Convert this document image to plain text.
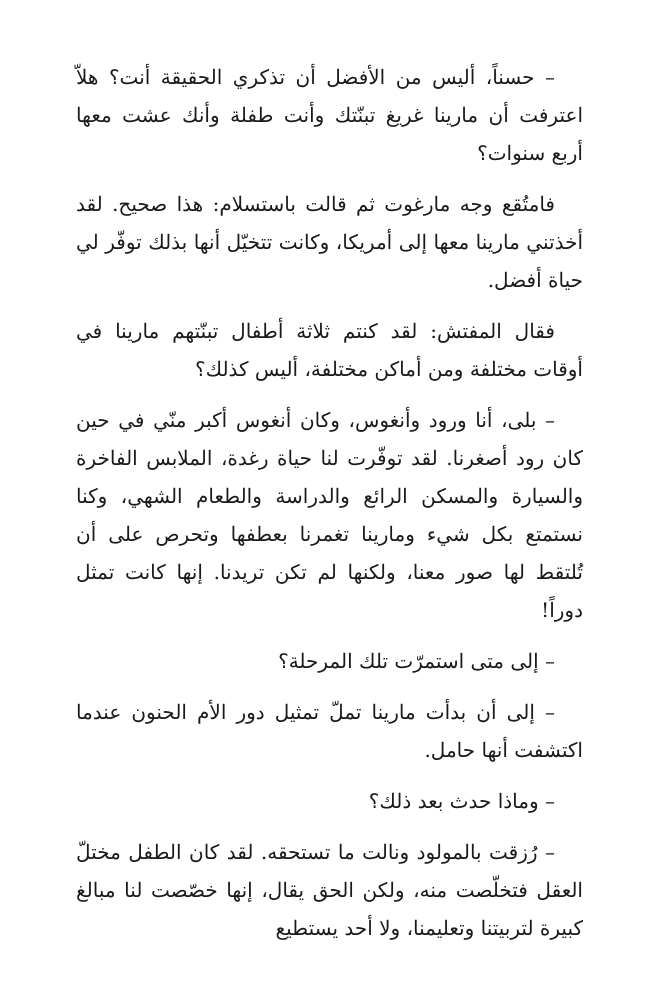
– حسناً، أليس من الأفضل أن تذكري الحقيقة أنت؟ هلاّ اعترفت أن مارينا غريغ تبنّتك وأنت طفلة وأنك عشت معها أربع سنوات؟

فامتُقع وجه مارغوت ثم قالت باستسلام: هذا صحيح. لقد أخذتني مارينا معها إلى أمريكا، وكانت تتخيّل أنها بذلك توفّر لي حياة أفضل.

فقال المفتش: لقد كنتم ثلاثة أطفال تبنّتهم مارينا في أوقات مختلفة ومن أماكن مختلفة، أليس كذلك؟

– بلى، أنا ورود وأنغوس، وكان أنغوس أكبر منّي في حين كان رود أصغرنا. لقد توفّرت لنا حياة رغدة، الملابس الفاخرة والسيارة والمسكن الرائع والدراسة والطعام الشهي، وكنا نستمتع بكل شيء ومارينا تغمرنا بعطفها وتحرص على أن تُلتقط لها صور معنا، ولكنها لم تكن تريدنا. إنها كانت تمثل دوراً!

– إلى متى استمرّت تلك المرحلة؟

– إلى أن بدأت مارينا تملّ تمثيل دور الأم الحنون عندما اكتشفت أنها حامل.

– وماذا حدث بعد ذلك؟

– رُزقت بالمولود ونالت ما تستحقه. لقد كان الطفل مختلّ العقل فتخلّصت منه، ولكن الحق يقال، إنها خصّصت لنا مبالغ كبيرة لتربيتنا وتعليمنا، ولا أحد يستطيع
